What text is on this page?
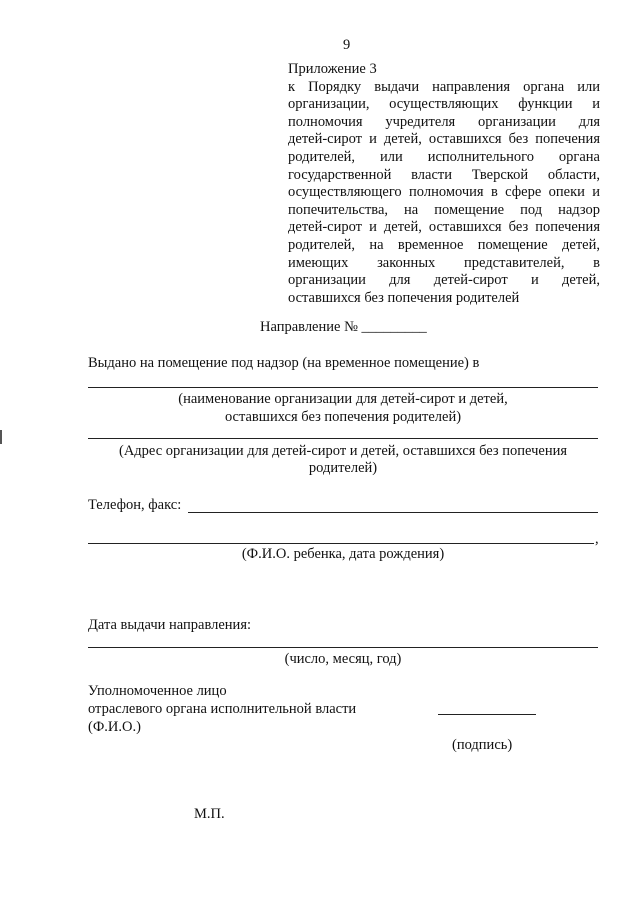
9
Приложение 3
к Порядку выдачи направления органа или
организации, осуществляющих функции и
полномочия учредителя организации для
детей-сирот и детей, оставшихся без попечения
родителей, или исполнительного органа
государственной власти Тверской области,
осуществляющего полномочия в сфере опеки и
попечительства, на помещение под надзор
детей-сирот и детей, оставшихся без попечения
родителей, на временное помещение детей,
имеющих законных представителей, в
организации для детей-сирот и детей,
оставшихся без попечения родителей
Направление № _________
Выдано на помещение под надзор (на временное помещение) в
(наименование организации для детей-сирот и детей,
оставшихся без попечения родителей)
(Адрес организации для детей-сирот и детей, оставшихся без попечения
родителей)
Телефон, факс:
,
(Ф.И.О. ребенка, дата рождения)
Дата выдачи направления:
(число, месяц, год)
Уполномоченное лицо
отраслевого органа исполнительной власти
(Ф.И.О.)
(подпись)
М.П.
